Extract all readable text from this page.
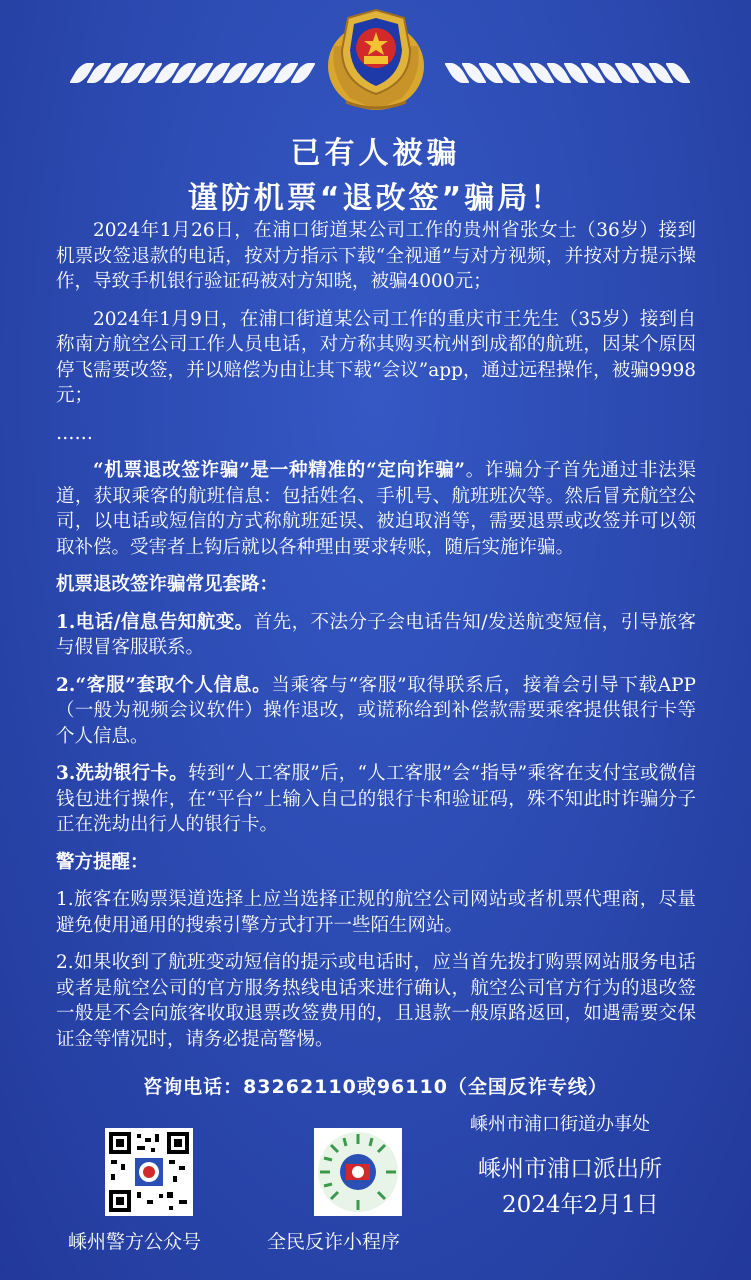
已有人被骗
谨防机票“退改签”骗局！

2024年1月26日，在浦口街道某公司工作的贵州省张女士（36岁）接到机票改签退款的电话，按对方指示下载“全视通”与对方视频，并按对方提示操作，导致手机银行验证码被对方知晓，被骗4000元；

2024年1月9日，在浦口街道某公司工作的重庆市王先生（35岁）接到自称南方航空公司工作人员电话，对方称其购买杭州到成都的航班，因某个原因停飞需要改签，并以赔偿为由让其下载“会议”app，通过远程操作，被骗9998元；

……

“机票退改签诈骗”是一种精准的“定向诈骗”。诈骗分子首先通过非法渠道，获取乘客的航班信息：包括姓名、手机号、航班班次等。然后冒充航空公司，以电话或短信的方式称航班延误、被迫取消等，需要退票或改签并可以领取补偿。受害者上钩后就以各种理由要求转账，随后实施诈骗。

机票退改签诈骗常见套路：

1.电话/信息告知航变。首先，不法分子会电话告知/发送航变短信，引导旅客与假冒客服联系。

2.“客服”套取个人信息。当乘客与“客服”取得联系后，接着会引导下载APP（一般为视频会议软件）操作退改，或谎称给到补偿款需要乘客提供银行卡等个人信息。

3.洗劫银行卡。转到“人工客服”后，“人工客服”会“指导”乘客在支付宝或微信钱包进行操作，在“平台”上输入自己的银行卡和验证码，殊不知此时诈骗分子正在洗劫出行人的银行卡。

警方提醒：

1.旅客在购票渠道选择上应当选择正规的航空公司网站或者机票代理商，尽量避免使用通用的搜索引擎方式打开一些陌生网站。

2.如果收到了航班变动短信的提示或电话时，应当首先拨打购票网站服务电话或者是航空公司的官方服务热线电话来进行确认，航空公司官方行为的退改签一般是不会向旅客收取退票改签费用的，且退款一般原路返回，如遇需要交保证金等情况时，请务必提高警惕。

咨询电话：83262110或96110（全国反诈专线）
嵊州警方公众号	全民反诈小程序
嵊州市浦口街道办事处
嵊州市浦口派出所
2024年2月1日
